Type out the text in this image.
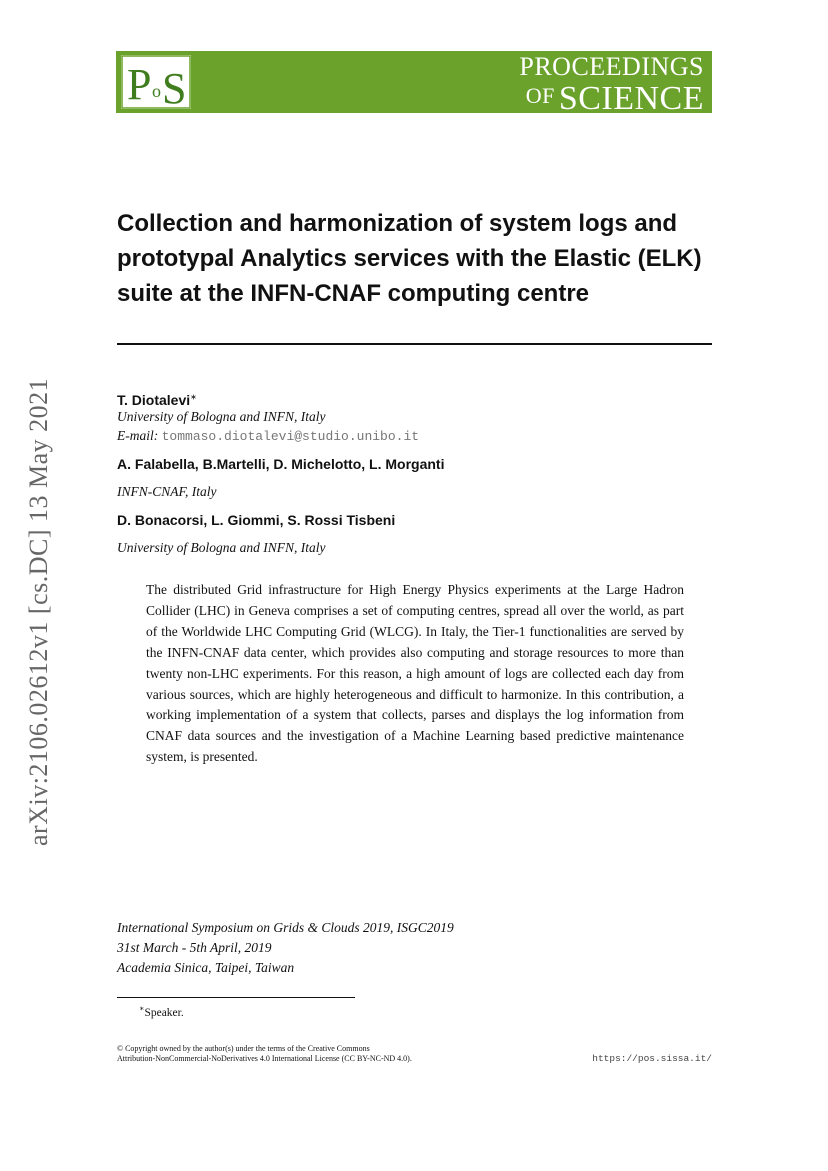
P o S	PROCEEDINGS
OF SCIENCE
arXiv:2106.02612v1 [cs.DC] 13 May 2021
Collection and harmonization of system logs and prototypal Analytics services with the Elastic (ELK) suite at the INFN-CNAF computing centre
T. Diotalevi∗
University of Bologna and INFN, Italy
E-mail: tommaso.diotalevi@studio.unibo.it
A. Falabella, B.Martelli, D. Michelotto, L. Morganti
INFN-CNAF, Italy
D. Bonacorsi, L. Giommi, S. Rossi Tisbeni
University of Bologna and INFN, Italy

The distributed Grid infrastructure for High Energy Physics experiments at the Large Hadron Collider (LHC) in Geneva comprises a set of computing centres, spread all over the world, as part of the Worldwide LHC Computing Grid (WLCG). In Italy, the Tier-1 functionalities are served by the INFN-CNAF data center, which provides also computing and storage resources to more than twenty non-LHC experiments. For this reason, a high amount of logs are collected each day from various sources, which are highly heterogeneous and difficult to harmonize. In this contribution, a working implementation of a system that collects, parses and displays the log information from CNAF data sources and the investigation of a Machine Learning based predictive maintenance system, is presented.

International Symposium on Grids & Clouds 2019, ISGC2019
31st March - 5th April, 2019
Academia Sinica, Taipei, Taiwan
∗Speaker.
© Copyright owned by the author(s) under the terms of the Creative Commons
Attribution-NonCommercial-NoDerivatives 4.0 International License (CC BY-NC-ND 4.0).	https://pos.sissa.it/
